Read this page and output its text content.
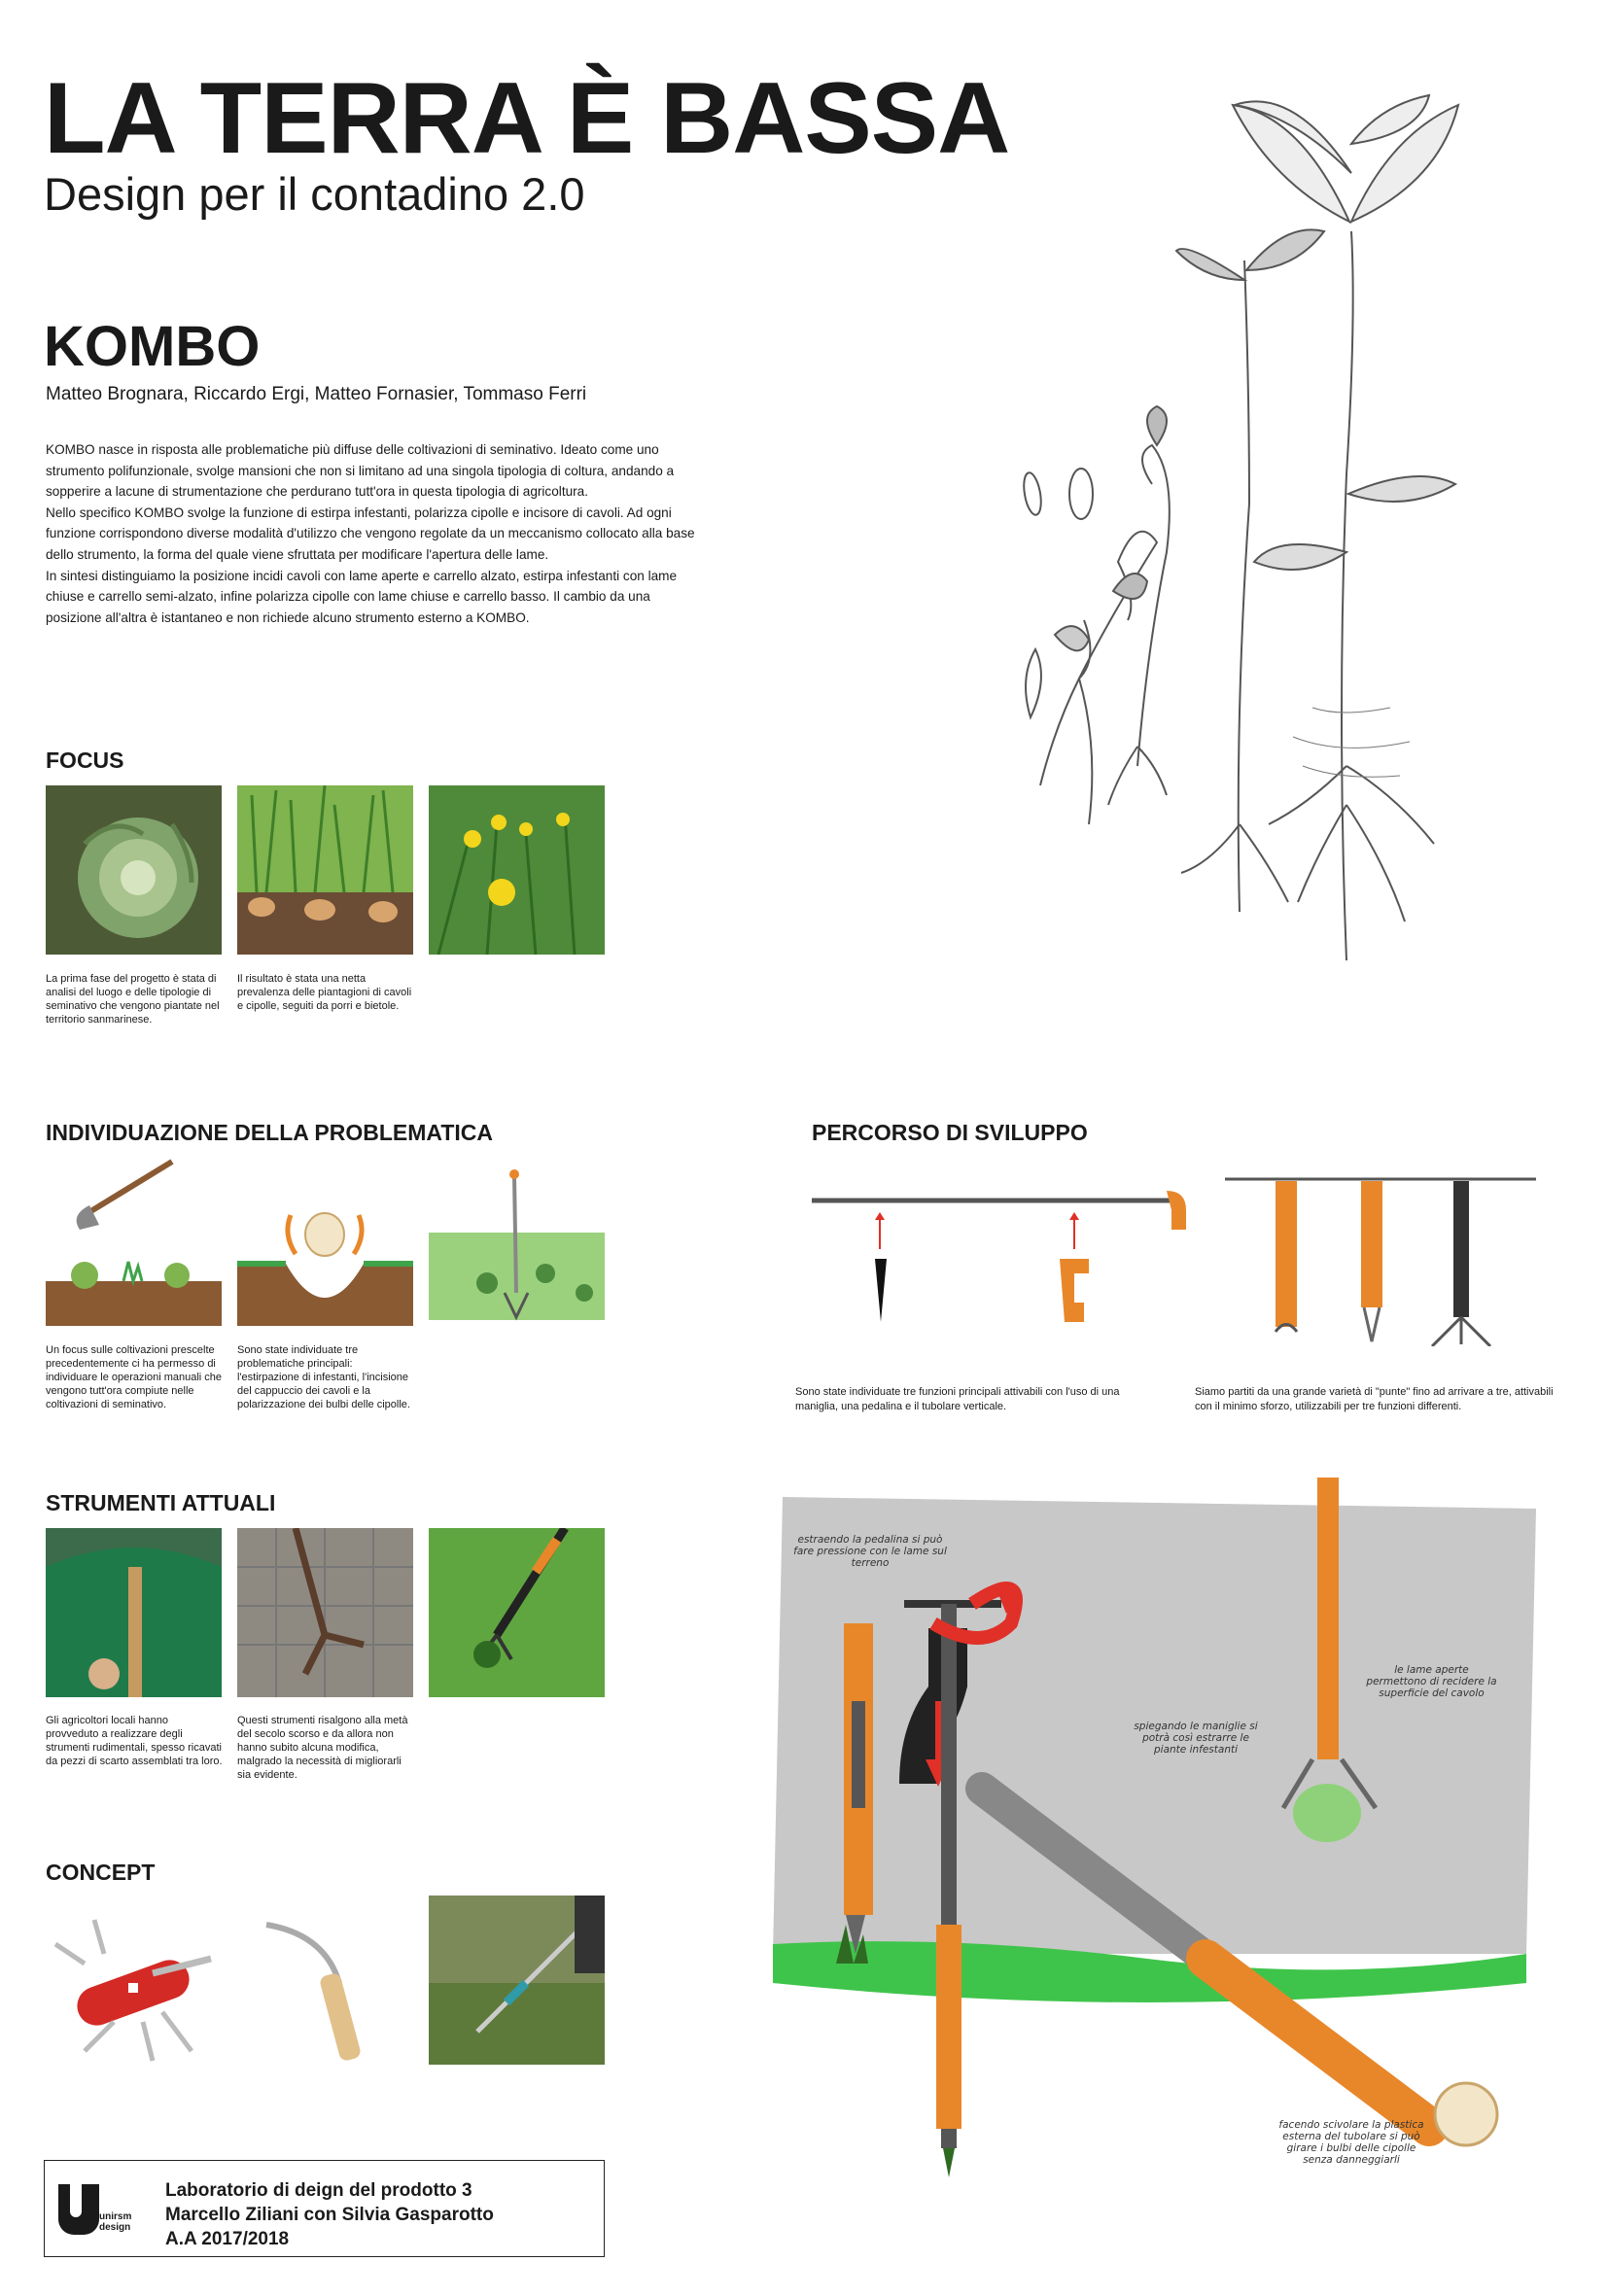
LA TERRA È BASSA
Design per il contadino 2.0
KOMBO
Matteo Brognara, Riccardo Ergi, Matteo Fornasier, Tommaso Ferri

KOMBO nasce in risposta alle problematiche più diffuse delle coltivazioni di seminativo. Ideato come uno strumento polifunzionale, svolge mansioni che non si limitano ad una singola tipologia di coltura, andando a sopperire a lacune di strumentazione che perdurano tutt'ora in questa tipologia di agricoltura.

Nello specifico KOMBO svolge la funzione di estirpa infestanti, polarizza cipolle e incisore di cavoli. Ad ogni funzione corrispondono diverse modalità d'utilizzo che vengono regolate da un meccanismo collocato alla base dello strumento, la forma del quale viene sfruttata per modificare l'apertura delle lame.

In sintesi distinguiamo la posizione incidi cavoli con lame aperte e carrello alzato, estirpa infestanti con lame chiuse e carrello semi-alzato, infine polarizza cipolle con lame chiuse e carrello basso. Il cambio da una posizione all'altra è istantaneo e non richiede alcuno strumento esterno a KOMBO.

FOCUS
La prima fase del progetto è stata di analisi del luogo e delle tipologie di seminativo che vengono piantate nel territorio sanmarinese.
Il risultato è stata una netta prevalenza delle piantagioni di cavoli e cipolle, seguiti da porri e bietole.
INDIVIDUAZIONE DELLA PROBLEMATICA
Un focus sulle coltivazioni prescelte precedentemente ci ha permesso di individuare le operazioni manuali che vengono tutt'ora compiute nelle coltivazioni di seminativo.
Sono state individuate tre problematiche principali: l'estirpazione di infestanti, l'incisione del cappuccio dei cavoli e la polarizzazione dei bulbi delle cipolle.
PERCORSO DI SVILUPPO
Sono state individuate tre funzioni principali attivabili con l'uso di una maniglia, una pedalina e il tubolare verticale.
Siamo partiti da una grande varietà di "punte" fino ad arrivare a tre, attivabili con il minimo sforzo, utilizzabili per tre funzioni differenti.
STRUMENTI ATTUALI
Gli agricoltori locali hanno provveduto a realizzare degli strumenti rudimentali, spesso ricavati da pezzi di scarto assemblati tra loro.
Questi strumenti risalgono alla metà del secolo scorso e da allora non hanno subito alcuna modifica, malgrado la necessità di migliorarli sia evidente.
CONCEPT
estraendo la pedalina si può fare pressione con le lame sul terreno
spiegando le maniglie si potrà così estrarre le piante infestanti
le lame aperte permettono di recidere la superficie del cavolo
facendo scivolare la plastica esterna del tubolare si può girare i bulbi delle cipolle senza danneggiarli
unirsm
design
Laboratorio di deign del prodotto 3
Marcello Ziliani con Silvia Gasparotto
A.A 2017/2018
